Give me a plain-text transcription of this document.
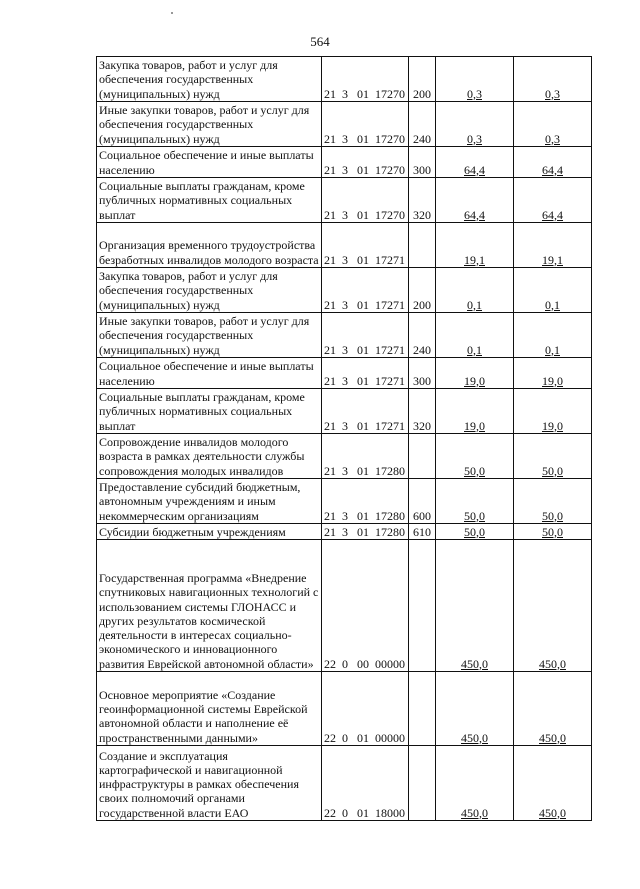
564
Закупка товаров, работ и услуг для обеспечения государственных (муниципальных) нужд	21  3   01  17270	200	0,3	0,3
Иные закупки товаров, работ и услуг для обеспечения государственных (муниципальных) нужд	21  3   01  17270	240	0,3	0,3
Социальное обеспечение и иные выплаты населению	21  3   01  17270	300	64,4	64,4
Социальные выплаты гражданам, кроме публичных нормативных социальных выплат	21  3   01  17270	320	64,4	64,4
Организация временного трудоустройства безработных инвалидов молодого возраста	21  3   01  17271		19,1	19,1
Закупка товаров, работ и услуг для обеспечения государственных (муниципальных) нужд	21  3   01  17271	200	0,1	0,1
Иные закупки товаров, работ и услуг для обеспечения государственных (муниципальных) нужд	21  3   01  17271	240	0,1	0,1
Социальное обеспечение и иные выплаты населению	21  3   01  17271	300	19,0	19,0
Социальные выплаты гражданам, кроме публичных нормативных социальных выплат	21  3   01  17271	320	19,0	19,0
Сопровождение инвалидов молодого возраста в рамках деятельности службы сопровождения молодых инвалидов	21  3   01  17280		50,0	50,0
Предоставление субсидий бюджетным, автономным учреждениям и иным некоммерческим организациям	21  3   01  17280	600	50,0	50,0
Субсидии бюджетным учреждениям	21  3   01  17280	610	50,0	50,0
Государственная программа «Внедрение спутниковых навигационных технологий с использованием системы ГЛОНАСС и других результатов космической деятельности в интересах социально-экономического и инновационного развития Еврейской автономной области»	22  0   00  00000		450,0	450,0
Основное мероприятие «Создание геоинформационной системы Еврейской автономной области и наполнение её пространственными данными»	22  0   01  00000		450,0	450,0
Создание и эксплуатация картографической и навигационной инфраструктуры в рамках обеспечения своих полномочий органами государственной власти ЕАО	22  0   01  18000		450,0	450,0
